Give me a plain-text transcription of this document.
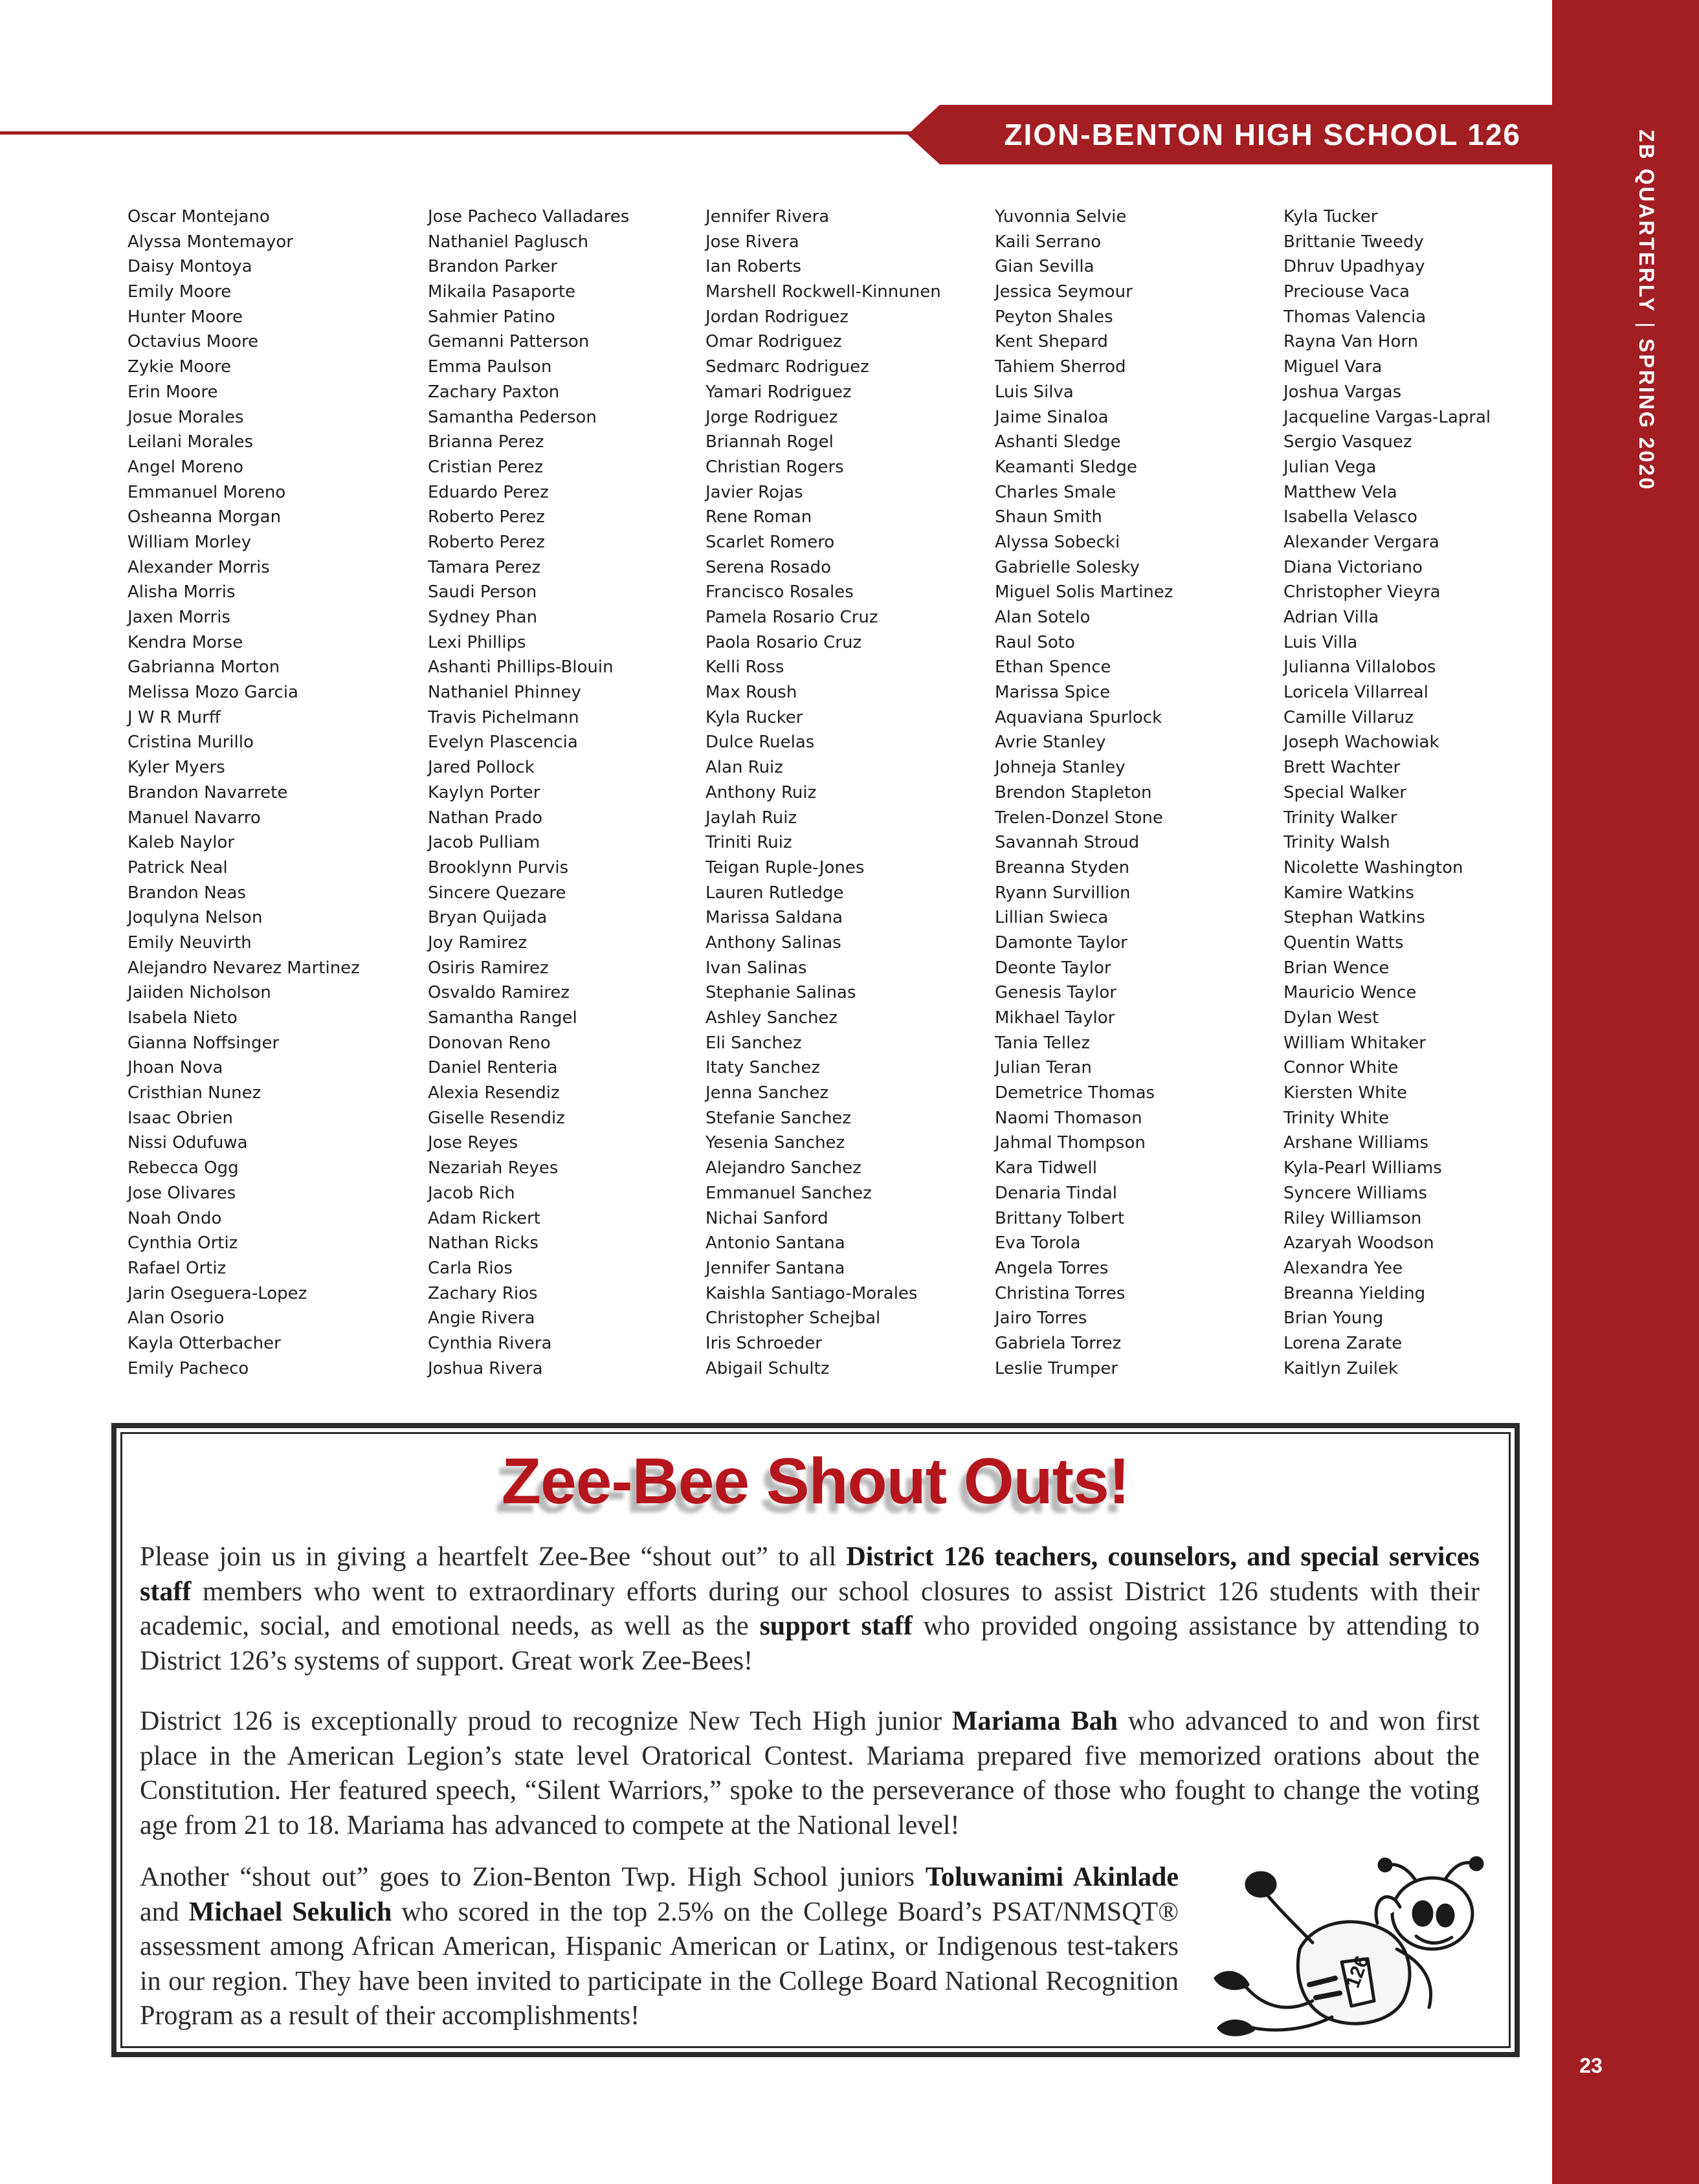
ZB QUARTERLY|SPRING 2020
23
ZION-BENTON HIGH SCHOOL 126
Oscar Montejano
Alyssa Montemayor
Daisy Montoya
Emily Moore
Hunter Moore
Octavius Moore
Zykie Moore
Erin Moore
Josue Morales
Leilani Morales
Angel Moreno
Emmanuel Moreno
Osheanna Morgan
William Morley
Alexander Morris
Alisha Morris
Jaxen Morris
Kendra Morse
Gabrianna Morton
Melissa Mozo Garcia
J W R Murff
Cristina Murillo
Kyler Myers
Brandon Navarrete
Manuel Navarro
Kaleb Naylor
Patrick Neal
Brandon Neas
Joqulyna Nelson
Emily Neuvirth
Alejandro Nevarez Martinez
Jaiiden Nicholson
Isabela Nieto
Gianna Noffsinger
Jhoan Nova
Cristhian Nunez
Isaac Obrien
Nissi Odufuwa
Rebecca Ogg
Jose Olivares
Noah Ondo
Cynthia Ortiz
Rafael Ortiz
Jarin Oseguera-Lopez
Alan Osorio
Kayla Otterbacher
Emily Pacheco
Jose Pacheco Valladares
Nathaniel Paglusch
Brandon Parker
Mikaila Pasaporte
Sahmier Patino
Gemanni Patterson
Emma Paulson
Zachary Paxton
Samantha Pederson
Brianna Perez
Cristian Perez
Eduardo Perez
Roberto Perez
Roberto Perez
Tamara Perez
Saudi Person
Sydney Phan
Lexi Phillips
Ashanti Phillips-Blouin
Nathaniel Phinney
Travis Pichelmann
Evelyn Plascencia
Jared Pollock
Kaylyn Porter
Nathan Prado
Jacob Pulliam
Brooklynn Purvis
Sincere Quezare
Bryan Quijada
Joy Ramirez
Osiris Ramirez
Osvaldo Ramirez
Samantha Rangel
Donovan Reno
Daniel Renteria
Alexia Resendiz
Giselle Resendiz
Jose Reyes
Nezariah Reyes
Jacob Rich
Adam Rickert
Nathan Ricks
Carla Rios
Zachary Rios
Angie Rivera
Cynthia Rivera
Joshua Rivera
Jennifer Rivera
Jose Rivera
Ian Roberts
Marshell Rockwell-Kinnunen
Jordan Rodriguez
Omar Rodriguez
Sedmarc Rodriguez
Yamari Rodriguez
Jorge Rodriguez
Briannah Rogel
Christian Rogers
Javier Rojas
Rene Roman
Scarlet Romero
Serena Rosado
Francisco Rosales
Pamela Rosario Cruz
Paola Rosario Cruz
Kelli Ross
Max Roush
Kyla Rucker
Dulce Ruelas
Alan Ruiz
Anthony Ruiz
Jaylah Ruiz
Triniti Ruiz
Teigan Ruple-Jones
Lauren Rutledge
Marissa Saldana
Anthony Salinas
Ivan Salinas
Stephanie Salinas
Ashley Sanchez
Eli Sanchez
Itaty Sanchez
Jenna Sanchez
Stefanie Sanchez
Yesenia Sanchez
Alejandro Sanchez
Emmanuel Sanchez
Nichai Sanford
Antonio Santana
Jennifer Santana
Kaishla Santiago-Morales
Christopher Schejbal
Iris Schroeder
Abigail Schultz
Yuvonnia Selvie
Kaili Serrano
Gian Sevilla
Jessica Seymour
Peyton Shales
Kent Shepard
Tahiem Sherrod
Luis Silva
Jaime Sinaloa
Ashanti Sledge
Keamanti Sledge
Charles Smale
Shaun Smith
Alyssa Sobecki
Gabrielle Solesky
Miguel Solis Martinez
Alan Sotelo
Raul Soto
Ethan Spence
Marissa Spice
Aquaviana Spurlock
Avrie Stanley
Johneja Stanley
Brendon Stapleton
Trelen-Donzel Stone
Savannah Stroud
Breanna Styden
Ryann Survillion
Lillian Swieca
Damonte Taylor
Deonte Taylor
Genesis Taylor
Mikhael Taylor
Tania Tellez
Julian Teran
Demetrice Thomas
Naomi Thomason
Jahmal Thompson
Kara Tidwell
Denaria Tindal
Brittany Tolbert
Eva Torola
Angela Torres
Christina Torres
Jairo Torres
Gabriela Torrez
Leslie Trumper
Kyla Tucker
Brittanie Tweedy
Dhruv Upadhyay
Preciouse Vaca
Thomas Valencia
Rayna Van Horn
Miguel Vara
Joshua Vargas
Jacqueline Vargas-Lapral
Sergio Vasquez
Julian Vega
Matthew Vela
Isabella Velasco
Alexander Vergara
Diana Victoriano
Christopher Vieyra
Adrian Villa
Luis Villa
Julianna Villalobos
Loricela Villarreal
Camille Villaruz
Joseph Wachowiak
Brett Wachter
Special Walker
Trinity Walker
Trinity Walsh
Nicolette Washington
Kamire Watkins
Stephan Watkins
Quentin Watts
Brian Wence
Mauricio Wence
Dylan West
William Whitaker
Connor White
Kiersten White
Trinity White
Arshane Williams
Kyla-Pearl Williams
Syncere Williams
Riley Williamson
Azaryah Woodson
Alexandra Yee
Breanna Yielding
Brian Young
Lorena Zarate
Kaitlyn Zuilek
Zee-Bee Shout Outs!

Please join us in giving a heartfelt Zee-Bee “shout out” to all District 126 teachers, counselors, and special services staff members who went to extraordinary efforts during our school closures to assist District 126 students with their academic, social, and emotional needs, as well as the support staff who provided ongoing assistance by attending to District 126’s systems of support. Great work Zee-Bees!

District 126 is exceptionally proud to recognize New Tech High junior Mariama Bah who advanced to and won first place in the American Legion’s state level Oratorical Contest. Mariama prepared five memorized orations about the Constitution. Her featured speech, “Silent Warriors,” spoke to the perseverance of those who fought to change the voting age from 21 to 18. Mariama has advanced to compete at the National level!

Another “shout out” goes to Zion-Benton Twp. High School juniors Toluwanimi Akinlade and Michael Sekulich who scored in the top 2.5% on the College Board’s PSAT/NMSQT® assessment among African American, Hispanic American or Latinx, or Indigenous test-takers in our region. They have been invited to participate in the College Board National Recognition Program as a result of their accomplishments!

126
